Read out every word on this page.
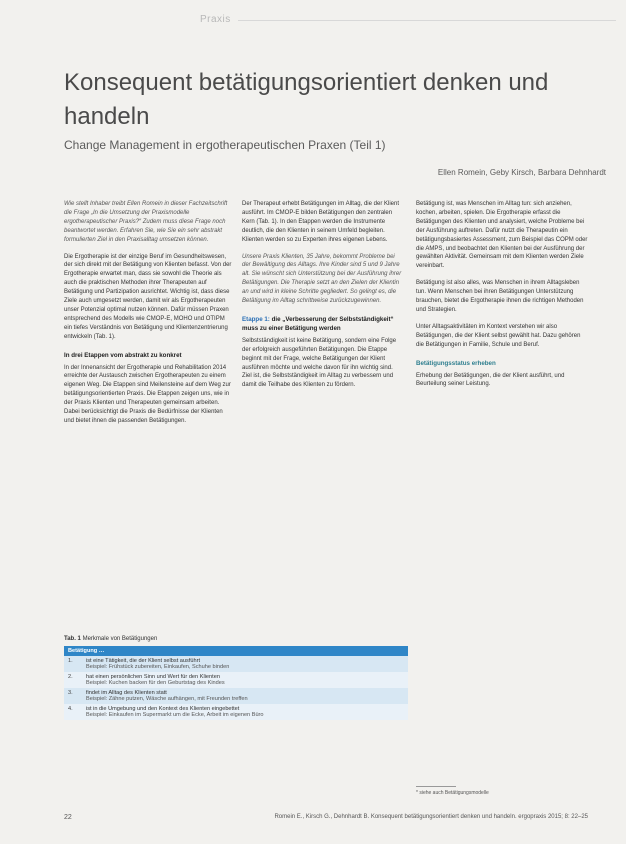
Praxis
Konsequent betätigungsorientiert denken und handeln
Change Management in ergotherapeutischen Praxen (Teil 1)
Ellen Romein, Geby Kirsch, Barbara Dehnhardt

Wie stellt Inhaber treibt Ellen Romein in dieser Fachzeitschrift die Frage „In die Umsetzung der Praxismodelle ergotherapeutischer Praxis?“ Zudem muss diese Frage noch beantwortet werden. Erfahren Sie, wie Sie ein sehr abstrakt formulierten Ziel in den Praxisalltag umsetzen können.

Die Ergotherapie ist der einzige Beruf im Gesundheitswesen, der sich direkt mit der Betätigung von Klienten befasst. Von der Ergotherapie erwartet man, dass sie sowohl die Theorie als auch die praktischen Methoden ihrer Therapeuten auf Betätigung und Partizipation ausrichtet. Wichtig ist, dass diese Ziele auch umgesetzt werden, damit wir als Ergotherapeuten unser Potenzial optimal nutzen können. Dafür müssen Praxen entsprechend des Modells wie CMOP-E, MOHO und OTIPM ein tiefes Verständnis von Betätigung und Klientenzentrierung entwickeln (Tab. 1).

In drei Etappen vom abstrakt zu konkret

In der Innenansicht der Ergotherapie und Rehabilitation 2014 erreichte der Austausch zwischen Ergotherapeuten zu einem eigenen Weg. Die Etappen sind Meilensteine auf dem Weg zur betätigungsorientierten Praxis. Die Etappen zeigen uns, wie in der Praxis Klienten und Therapeuten gemeinsam arbeiten. Dabei berücksichtigt die Praxis die Bedürfnisse der Klienten und bietet ihnen die passenden Betätigungen.

Der Therapeut erhebt Betätigungen im Alltag, die der Klient ausführt. Im CMOP-E bilden Betätigungen den zentralen Kern (Tab. 1). In den Etappen werden die Instrumente deutlich, die den Klienten in seinem Umfeld begleiten. Klienten werden so zu Experten ihres eigenen Lebens.

Unsere Praxis Klienten, 35 Jahre, bekommt Probleme bei der Bewältigung des Alltags. Ihre Kinder sind 5 und 9 Jahre alt. Sie wünscht sich Unterstützung bei der Ausführung ihrer Betätigungen. Die Therapie setzt an den Zielen der Klientin an und wird in kleine Schritte gegliedert. So gelingt es, die Betätigung im Alltag schrittweise zurückzugewinnen.

Etappe 1: die „Verbesserung der Selbstständigkeit“ muss zu einer Betätigung werden

Selbstständigkeit ist keine Betätigung, sondern eine Folge der erfolgreich ausgeführten Betätigungen. Die Etappe beginnt mit der Frage, welche Betätigungen der Klient ausführen möchte und welche davon für ihn wichtig sind. Ziel ist, die Selbstständigkeit im Alltag zu verbessern und damit die Teilhabe des Klienten zu fördern.

Betätigung ist, was Menschen im Alltag tun: sich anziehen, kochen, arbeiten, spielen. Die Ergotherapie erfasst die Betätigungen des Klienten und analysiert, welche Probleme bei der Ausführung auftreten. Dafür nutzt die Therapeutin ein betätigungsbasiertes Assessment, zum Beispiel das COPM oder die AMPS, und beobachtet den Klienten bei der Ausführung der gewählten Aktivität. Gemeinsam mit dem Klienten werden Ziele vereinbart.

Betätigung ist also alles, was Menschen in ihrem Alltagsleben tun. Wenn Menschen bei ihren Betätigungen Unterstützung brauchen, bietet die Ergotherapie ihnen die richtigen Methoden und Strategien.

Unter Alltagsaktivitäten im Kontext verstehen wir also Betätigungen, die der Klient selbst gewählt hat. Dazu gehören die Betätigungen in Familie, Schule und Beruf.

Betätigungsstatus erheben

Erhebung der Betätigungen, die der Klient ausführt, und Beurteilung seiner Leistung.

Tab. 1 Merkmale von Betätigungen
Betätigung …	
1.	ist eine Tätigkeit, die der Klient selbst ausführt
Beispiel: Frühstück zubereiten, Einkaufen, Schuhe binden

2.	hat einen persönlichen Sinn und Wert für den Klienten
Beispiel: Kuchen backen für den Geburtstag des Kindes

3.	findet im Alltag des Klienten statt
Beispiel: Zähne putzen, Wäsche aufhängen, mit Freunden treffen

4.	ist in die Umgebung und den Kontext des Klienten eingebettet
Beispiel: Einkaufen im Supermarkt um die Ecke, Arbeit im eigenen Büro
* siehe auch Betätigungsmodelle
22	Romein E., Kirsch G., Dehnhardt B. Konsequent betätigungsorientiert denken und handeln. ergopraxis 2015; 8: 22–25
